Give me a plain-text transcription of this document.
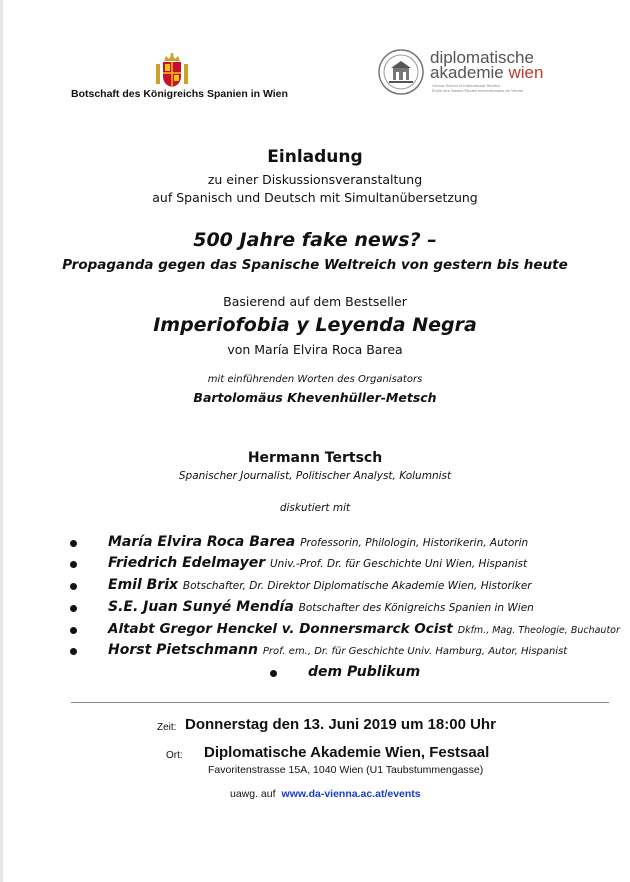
Botschaft des Königreichs Spanien in Wien
diplomatische
akademie wien
Vienna School of International Studies
École des Hautes Études Internationales de Vienne
Einladung
zu einer Diskussionsveranstaltung
auf Spanisch und Deutsch mit Simultanübersetzung
500 Jahre fake news? –
Propaganda gegen das Spanische Weltreich von gestern bis heute
Basierend auf dem Bestseller
Imperiofobia y Leyenda Negra
von María Elvira Roca Barea
mit einführenden Worten des Organisators
Bartolomäus Khevenhüller-Metsch
Hermann Tertsch
Spanischer Journalist, Politischer Analyst, Kolumnist
diskutiert mit
María Elvira Roca Barea Professorin, Philologin, Historikerin, Autorin
Friedrich Edelmayer Univ.-Prof. Dr. für Geschichte Uni Wien, Hispanist
Emil Brix Botschafter, Dr. Direktor Diplomatische Akademie Wien, Historiker
S.E. Juan Sunyé Mendía Botschafter des Königreichs Spanien in Wien
Altabt Gregor Henckel v. Donnersmarck Ocist Dkfm., Mag. Theologie, Buchautor
Horst Pietschmann Prof. em., Dr. für Geschichte Univ. Hamburg, Autor, Hispanist
dem Publikum
Zeit: Donnerstag den 13. Juni 2019 um 18:00 Uhr
Ort: Diplomatische Akademie Wien, Festsaal
Favoritenstrasse 15A, 1040 Wien (U1 Taubstummengasse)
uawg. auf www.da-vienna.ac.at/events
